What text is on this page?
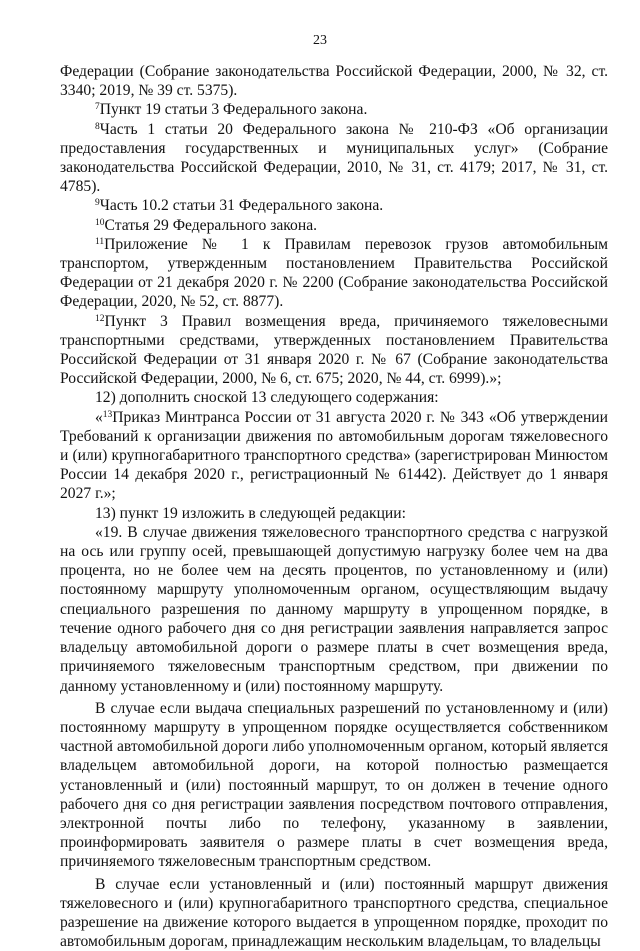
23

Федерации (Собрание законодательства Российской Федерации, 2000, № 32, ст. 3340; 2019, № 39 ст. 5375).

$^7$Пункт 19 статьи 3 Федерального закона.

$^8$Часть 1 статьи 20 Федерального закона № 210-ФЗ «Об организации предоставления государственных и муниципальных услуг» (Собрание законодательства Российской Федерации, 2010, № 31, ст. 4179; 2017, № 31, ст. 4785).

$^9$Часть 10.2 статьи 31 Федерального закона.

$^{10}$Статья 29 Федерального закона.

$^{11}$Приложение № 1 к Правилам перевозок грузов автомобильным транспортом, утвержденным постановлением Правительства Российской Федерации от 21 декабря 2020 г. № 2200 (Собрание законодательства Российской Федерации, 2020, № 52, ст. 8877).

$^{12}$Пункт 3 Правил возмещения вреда, причиняемого тяжеловесными транспортными средствами, утвержденных постановлением Правительства Российской Федерации от 31 января 2020 г. № 67 (Собрание законодательства Российской Федерации, 2000, № 6, ст. 675; 2020, № 44, ст. 6999).»;

12) дополнить сноской 13 следующего содержания:

«$^{13}$Приказ Минтранса России от 31 августа 2020 г. № 343 «Об утверждении Требований к организации движения по автомобильным дорогам тяжеловесного и (или) крупногабаритного транспортного средства» (зарегистрирован Минюстом России 14 декабря 2020 г., регистрационный № 61442). Действует до 1 января 2027 г.»;

13) пункт 19 изложить в следующей редакции:

«19. В случае движения тяжеловесного транспортного средства с нагрузкой на ось или группу осей, превышающей допустимую нагрузку более чем на два процента, но не более чем на десять процентов, по установленному и (или) постоянному маршруту уполномоченным органом, осуществляющим выдачу специального разрешения по данному маршруту в упрощенном порядке, в течение одного рабочего дня со дня регистрации заявления направляется запрос владельцу автомобильной дороги о размере платы в счет возмещения вреда, причиняемого тяжеловесным транспортным средством, при движении по данному установленному и (или) постоянному маршруту.

В случае если выдача специальных разрешений по установленному и (или) постоянному маршруту в упрощенном порядке осуществляется собственником частной автомобильной дороги либо уполномоченным органом, который является владельцем автомобильной дороги, на которой полностью размещается установленный и (или) постоянный маршрут, то он должен в течение одного рабочего дня со дня регистрации заявления посредством почтового отправления, электронной почты либо по телефону, указанному в заявлении, проинформировать заявителя о размере платы в счет возмещения вреда, причиняемого тяжеловесным транспортным средством.

В случае если установленный и (или) постоянный маршрут движения тяжеловесного и (или) крупногабаритного транспортного средства, специальное разрешение на движение которого выдается в упрощенном порядке, проходит по автомобильным дорогам, принадлежащим нескольким владельцам, то владельцы
